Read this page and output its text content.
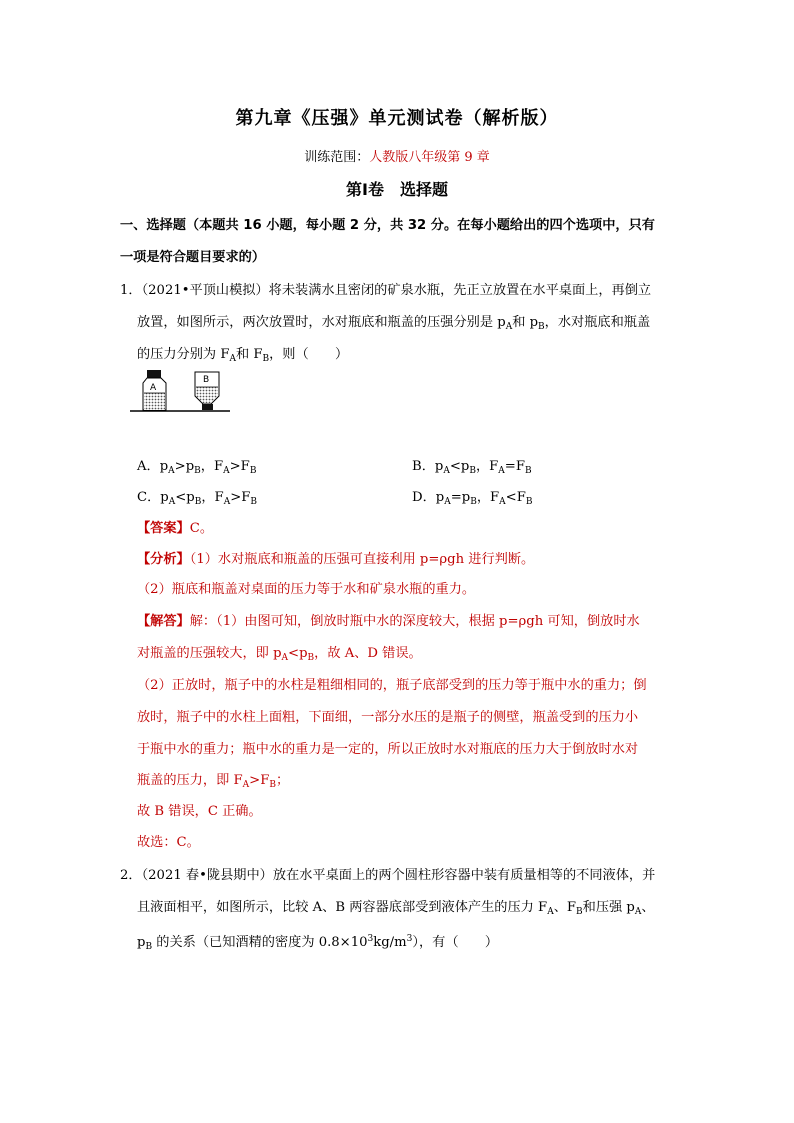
第九章《压强》单元测试卷（解析版）
训练范围：人教版八年级第 9 章
第Ⅰ卷　选择题
一、选择题（本题共 16 小题，每小题 2 分，共 32 分。在每小题给出的四个选项中，只有
一项是符合题目要求的）
1．（2021•平顶山模拟）将未装满水且密闭的矿泉水瓶，先正立放置在水平桌面上，再倒立
放置，如图所示，两次放置时，水对瓶底和瓶盖的压强分别是 $p_A$和 $p_B$，水对瓶底和瓶盖
的压力分别为 $F_A$和 $F_B$，则（　　）
A
B
A．$p_A>p_B$，$F_A>F_B$	B．$p_A<p_B$，$F_A=F_B$
C．$p_A<p_B$，$F_A>F_B$	D．$p_A=p_B$，$F_A<F_B$
【答案】C。
【分析】（1）水对瓶底和瓶盖的压强可直接利用 p=ρgh 进行判断。
（2）瓶底和瓶盖对桌面的压力等于水和矿泉水瓶的重力。
【解答】解：（1）由图可知，倒放时瓶中水的深度较大，根据 p=ρgh 可知，倒放时水
对瓶盖的压强较大，即 $p_A<p_B$，故 A、D 错误。
（2）正放时，瓶子中的水柱是粗细相同的，瓶子底部受到的压力等于瓶中水的重力；倒
放时，瓶子中的水柱上面粗，下面细，一部分水压的是瓶子的侧壁，瓶盖受到的压力小
于瓶中水的重力；瓶中水的重力是一定的，所以正放时水对瓶底的压力大于倒放时水对
瓶盖的压力，即 $F_A>F_B$；
故 B 错误，C 正确。
故选：C。
2．（2021 春•陇县期中）放在水平桌面上的两个圆柱形容器中装有质量相等的不同液体，并
且液面相平，如图所示，比较 A、B 两容器底部受到液体产生的压力 $F_A$、$F_B$和压强 $p_A$、
$p_B$ 的关系（已知酒精的密度为 $0.8\times 10^3kg/m^3$），有（　　）
